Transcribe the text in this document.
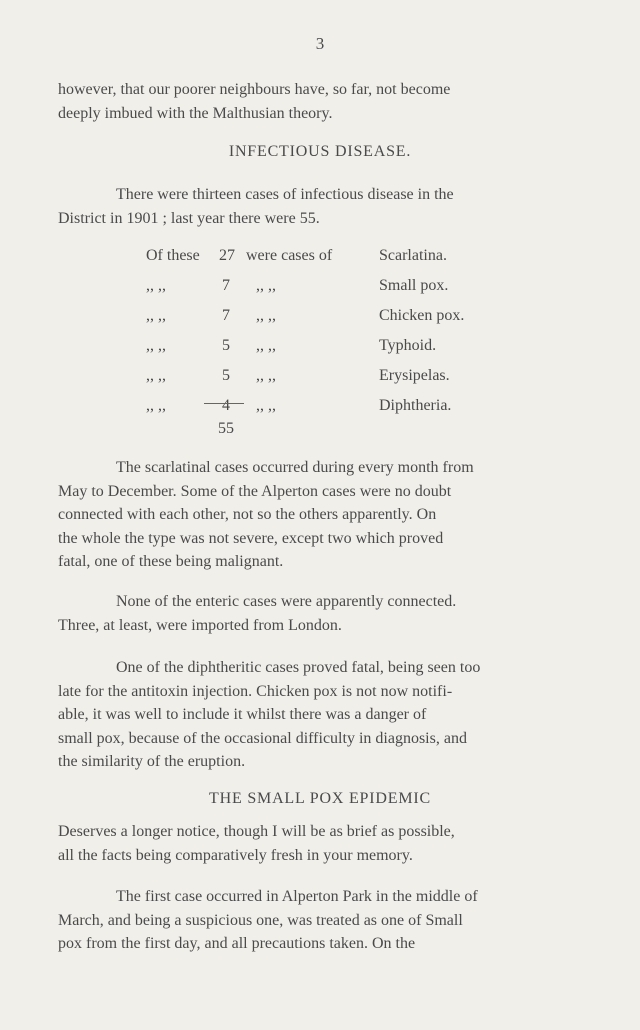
3
however, that our poorer neighbours have, so far, not become
deeply imbued with the Malthusian theory.
INFECTIOUS DISEASE.
There were thirteen cases of infectious disease in the
District in 1901 ; last year there were 55.
Of these 27 were cases of	Scarlatina.
,, ,,	7 ,, ,,	Small pox.
,, ,,	7 ,, ,,	Chicken pox.
,, ,,	5 ,, ,,	Typhoid.
,, ,,	5 ,, ,,	Erysipelas.
,, ,,	4 ,, ,,	Diphtheria.
55
The scarlatinal cases occurred during every month from
May to December. Some of the Alperton cases were no doubt
connected with each other, not so the others apparently. On
the whole the type was not severe, except two which proved
fatal, one of these being malignant.
None of the enteric cases were apparently connected.
Three, at least, were imported from London.
One of the diphtheritic cases proved fatal, being seen too
late for the antitoxin injection. Chicken pox is not now notifi-
able, it was well to include it whilst there was a danger of
small pox, because of the occasional difficulty in diagnosis, and
the similarity of the eruption.
THE SMALL POX EPIDEMIC
Deserves a longer notice, though I will be as brief as possible,
all the facts being comparatively fresh in your memory.
The first case occurred in Alperton Park in the middle of
March, and being a suspicious one, was treated as one of Small
pox from the first day, and all precautions taken. On the
